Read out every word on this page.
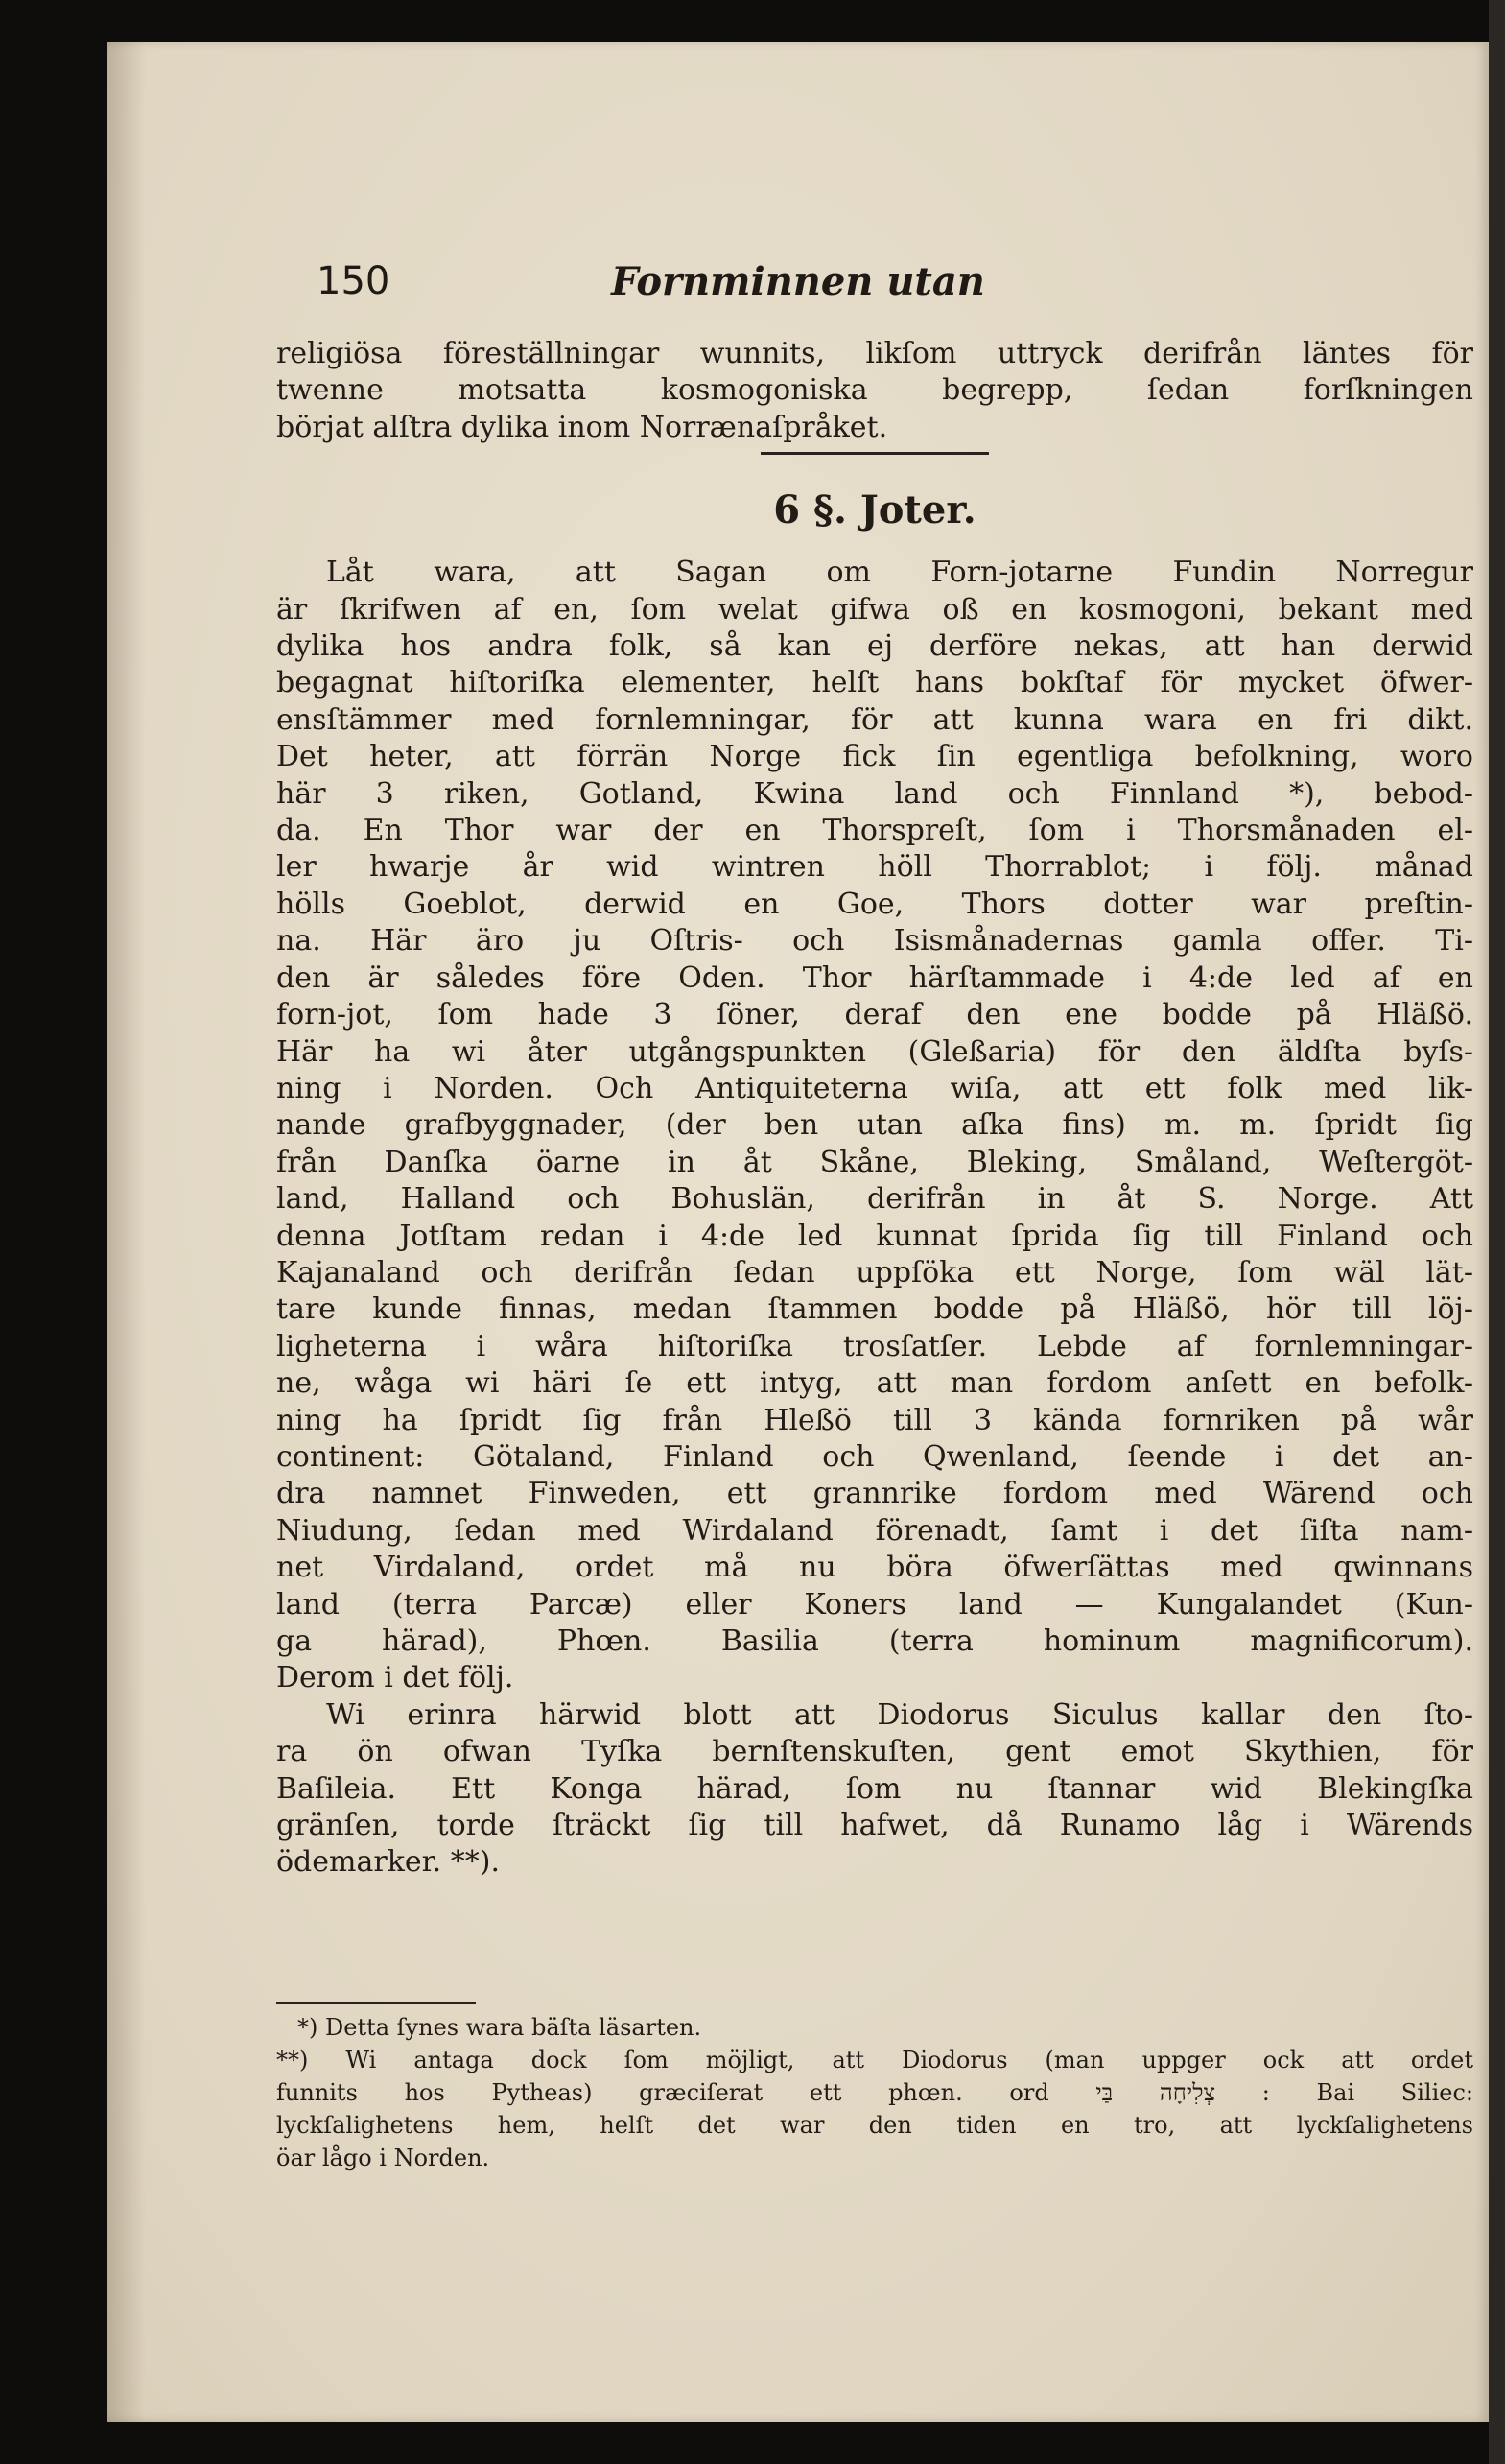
150	Fornminnen utan
religiösa föreställningar wunnits, likſom uttryck derifrån läntes för
twenne motsatta kosmogoniska begrepp, ſedan forſkningen
börjat alſtra dylika inom Norrænaſpråket.
6 §. Joter.
Låt wara, att Sagan om Forn-jotarne Fundin Norregur
är ſkrifwen af en, ſom welat gifwa oß en kosmogoni, bekant med
dylika hos andra folk, så kan ej derföre nekas, att han derwid
begagnat hiſtoriſka elementer, helſt hans bokſtaf för mycket öfwer-
ensſtämmer med fornlemningar, för att kunna wara en fri dikt.
Det heter, att förrän Norge fick ſin egentliga befolkning, woro
här 3 riken, Gotland, Kwina land och Finnland *), bebod-
da. En Thor war der en Thorspreſt, ſom i Thorsmånaden el-
ler hwarje år wid wintren höll Thorrablot; i följ. månad
hölls Goeblot, derwid en Goe, Thors dotter war preſtin-
na. Här äro ju Oſtris- och Isismånadernas gamla offer. Ti-
den är således före Oden. Thor härſtammade i 4:de led af en
forn-jot, ſom hade 3 ſöner, deraf den ene bodde på Hläßö.
Här ha wi åter utgångspunkten (Gleßaria) för den äldſta byſs-
ning i Norden. Och Antiquiteterna wiſa, att ett folk med lik-
nande grafbyggnader, (der ben utan aſka fins) m. m. ſpridt ſig
från Danſka öarne in åt Skåne, Bleking, Småland, Weſtergöt-
land, Halland och Bohuslän, derifrån in åt S. Norge. Att
denna Jotſtam redan i 4:de led kunnat ſprida ſig till Finland och
Kajanaland och derifrån ſedan uppſöka ett Norge, ſom wäl lät-
tare kunde finnas, medan ſtammen bodde på Hläßö, hör till löj-
ligheterna i wåra hiſtoriſka trosſatſer. Lebde af fornlemningar-
ne, wåga wi häri ſe ett intyg, att man fordom anſett en befolk-
ning ha ſpridt ſig från Hleßö till 3 kända fornriken på wår
continent: Götaland, Finland och Qwenland, ſeende i det an-
dra namnet Finweden, ett grannrike fordom med Wärend och
Niudung, ſedan med Wirdaland förenadt, ſamt i det ſiſta nam-
net Virdaland, ordet må nu böra öfwerſättas med qwinnans
land (terra Parcæ) eller Koners land — Kungalandet (Kun-
ga härad), Phœn. Basilia (terra hominum magnificorum).
Derom i det följ.
Wi erinra härwid blott att Diodorus Siculus kallar den ſto-
ra ön ofwan Tyſka bernſtenskuſten, gent emot Skythien, för
Baſileia. Ett Konga härad, ſom nu ſtannar wid Blekingſka
gränſen, torde ſträckt ſig till hafwet, då Runamo låg i Wärends
ödemarker. **).
*) Detta ſynes wara bäſta läsarten.
**) Wi antaga dock ſom möjligt, att Diodorus (man uppger ock att ordet
funnits hos Pytheas) græciſerat ett phœn. ord צְלִיחָה בַּי : Bai Siliec:
lyckſalighetens hem, helſt det war den tiden en tro, att lyckſalighetens
öar lågo i Norden.
